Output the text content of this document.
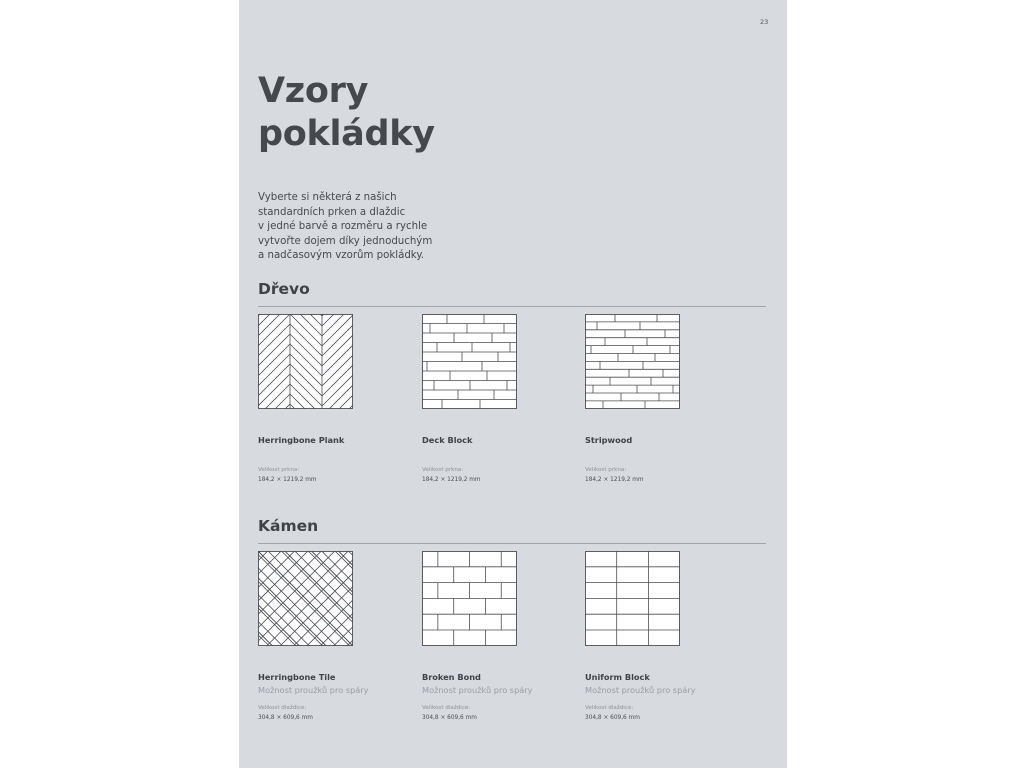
23
Vzory
pokládky

Vyberte si některá z našich
standardních prken a dlaždic
v jedné barvě a rozměru a rychle
vytvořte dojem díky jednoduchým
a nadčasovým vzorům pokládky.

Dřevo
Herringbone Plank
Velikost prkna:
184,2 × 1219,2 mm
Deck Block
Velikost prkna:
184,2 × 1219,2 mm
Stripwood
Velikost prkna:
184,2 × 1219,2 mm
Kámen
Herringbone Tile
Možnost proužků pro spáry
Velikost dlaždice:
304,8 × 609,6 mm
Broken Bond
Možnost proužků pro spáry
Velikost dlaždice:
304,8 × 609,6 mm
Uniform Block
Možnost proužků pro spáry
Velikost dlaždice:
304,8 × 609,6 mm
